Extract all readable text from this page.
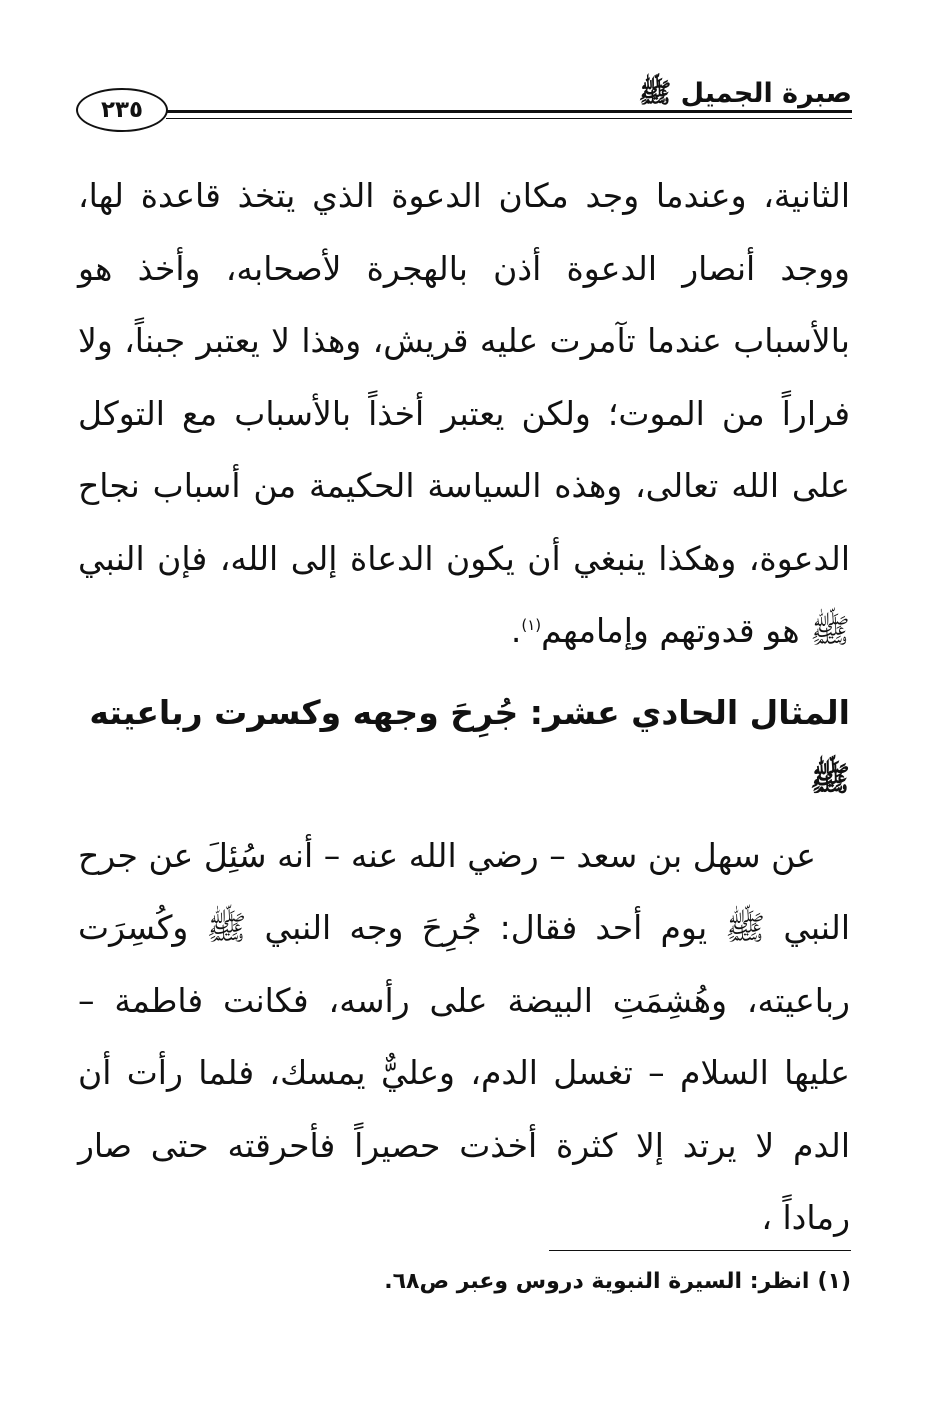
صبرة الجميل ﷺ
٢٣٥

الثانية، وعندما وجد مكان الدعوة الذي يتخذ قاعدة لها، ووجد أنصار الدعوة أذن بالهجرة لأصحابه، وأخذ هو بالأسباب عندما تآمرت عليه قريش، وهذا لا يعتبر جبناً، ولا فراراً من الموت؛ ولكن يعتبر أخذاً بالأسباب مع التوكل على الله تعالى، وهذه السياسة الحكيمة من أسباب نجاح الدعوة، وهكذا ينبغي أن يكون الدعاة إلى الله، فإن النبي ﷺ هو قدوتهم وإمامهم$^{(١)}$.

المثال الحادي عشر: جُرِحَ وجهه وكسرت رباعيته ﷺ

عن سهل بن سعد – رضي الله عنه – أنه سُئِلَ عن جرح النبي ﷺ يوم أحد فقال: جُرِحَ وجه النبي ﷺ وكُسِرَت رباعيته، وهُشِمَتِ البيضة على رأسه، فكانت فاطمة – عليها السلام – تغسل الدم، وعليٌّ يمسك، فلما رأت أن الدم لا يرتد إلا كثرة أخذت حصيراً فأحرقته حتى صار رماداً ،

(١)انظر: السيرة النبوية دروس وعبر ص٦٨.
